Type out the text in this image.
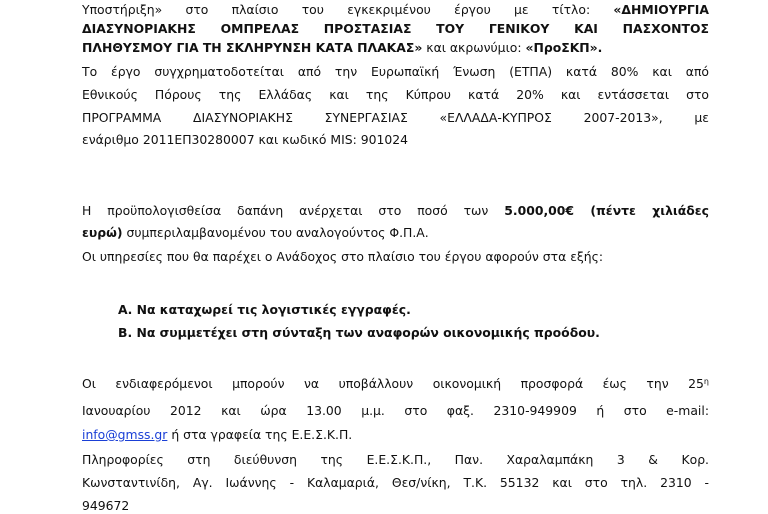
Υποστήριξη» στο πλαίσιο του εγκεκριμένου έργου με τίτλο: «ΔΗΜΙΟΥΡΓΙΑ
ΔΙΑΣΥΝΟΡΙΑΚΗΣ ΟΜΠΡΕΛΑΣ ΠΡΟΣΤΑΣΙΑΣ ΤΟΥ ΓΕΝΙΚΟΥ ΚΑΙ ΠΑΣΧΟΝΤΟΣ
ΠΛΗΘΥΣΜΟΥ ΓΙΑ ΤΗ ΣΚΛΗΡΥΝΣΗ ΚΑΤΑ ΠΛΑΚΑΣ» και ακρωνύμιο: «ΠροΣΚΠ».
Το έργο συγχρηματοδοτείται από την Ευρωπαϊκή Ένωση (ΕΤΠΑ) κατά 80% και από
Εθνικούς Πόρους της Ελλάδας και της Κύπρου κατά 20% και εντάσσεται στο
ΠΡΟΓΡΑΜΜΑ ΔΙΑΣΥΝΟΡΙΑΚΗΣ ΣΥΝΕΡΓΑΣΙΑΣ «ΕΛΛΑΔΑ-ΚΥΠΡΟΣ 2007-2013», με
ενάριθμο 2011ΕΠ30280007 και κωδικό MIS: 901024
Η προϋπολογισθείσα δαπάνη ανέρχεται στο ποσό των 5.000,00€ (πέντε χιλιάδες
ευρώ) συμπεριλαμβανομένου του αναλογούντος Φ.Π.Α.
Οι υπηρεσίες που θα παρέχει ο Ανάδοχος στο πλαίσιο του έργου αφορούν στα εξής:
Α. Να καταχωρεί τις λογιστικές εγγραφές.
Β. Να συμμετέχει στη σύνταξη των αναφορών οικονομικής προόδου.
Οι ενδιαφερόμενοι μπορούν να υποβάλλουν οικονομική προσφορά έως την $25^\eta$
Ιανουαρίου 2012 και ώρα 13.00 μ.μ. στο φαξ. 2310-949909 ή στο e-mail:
info@gmss.gr ή στα γραφεία της Ε.Ε.Σ.Κ.Π.
Πληροφορίες στη διεύθυνση της Ε.Ε.Σ.Κ.Π., Παν. Χαραλαμπάκη 3 & Κορ.
Κωνσταντινίδη, Αγ. Ιωάννης - Καλαμαριά, Θεσ/νίκη, Τ.Κ. 55132 και στο τηλ. 2310 -
949672
